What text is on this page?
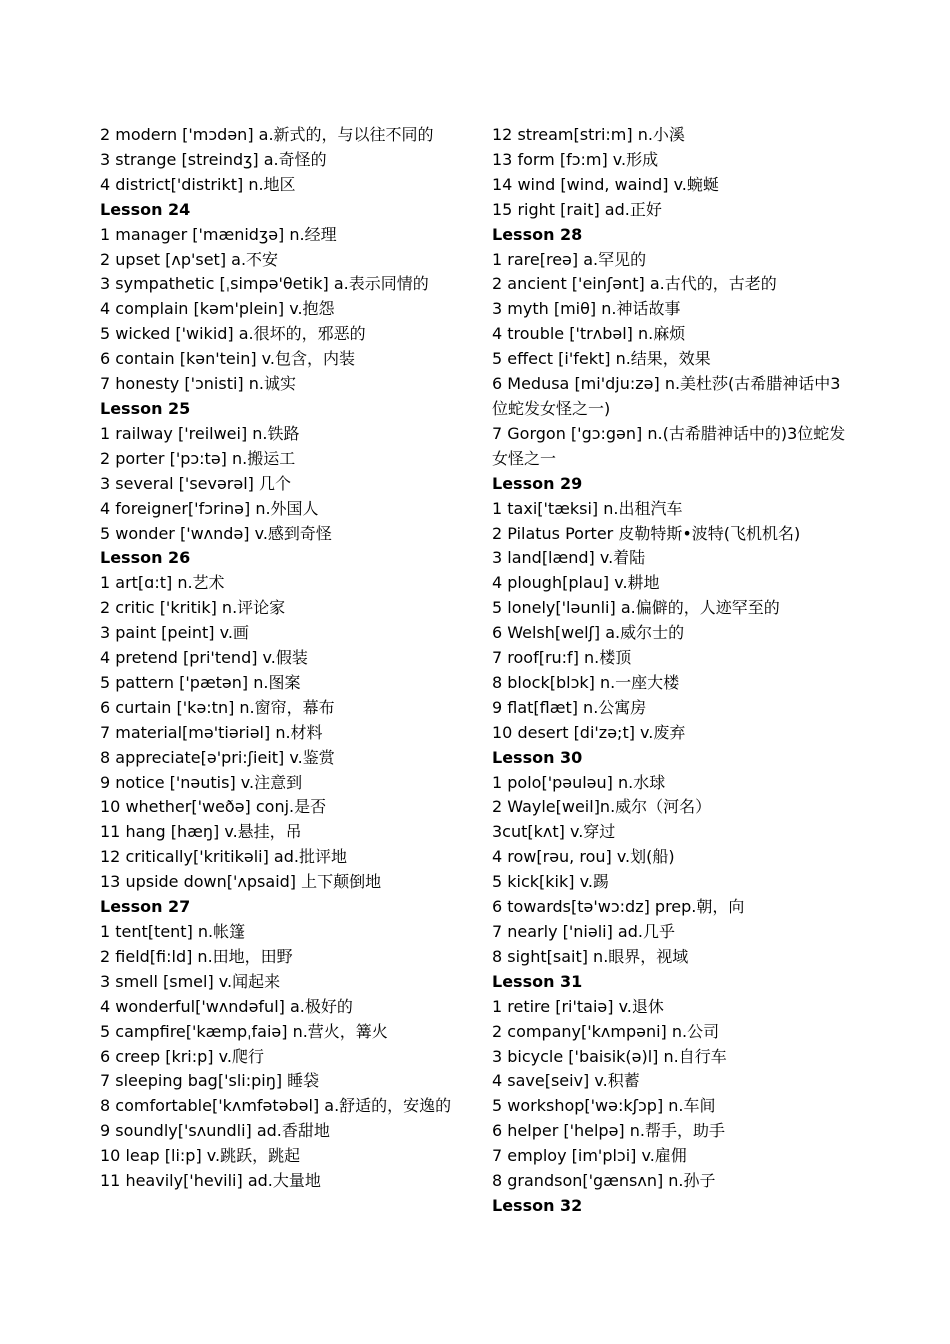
2 modern ['mɔdən] a.新式的，与以往不同的
3 strange [streindʒ] a.奇怪的
4 district['distrikt] n.地区
Lesson 24
1 manager ['mænidʒə] n.经理
2 upset [ʌp'set] a.不安
3 sympathetic [ˌsimpə'θetik] a.表示同情的
4 complain [kəm'plein] v.抱怨
5 wicked ['wikid] a.很坏的，邪恶的
6 contain [kən'tein] v.包含，内装
7 honesty ['ɔnisti] n.诚实
Lesson 25
1 railway ['reilwei] n.铁路
2 porter ['pɔ:tə] n.搬运工
3 several ['sevərəl] 几个
4 foreigner['fɔrinə] n.外国人
5 wonder ['wʌndə] v.感到奇怪
Lesson 26
1 art[ɑ:t] n.艺术
2 critic ['kritik] n.评论家
3 paint [peint] v.画
4 pretend [pri'tend] v.假装
5 pattern ['pætən] n.图案
6 curtain ['kə:tn] n.窗帘，幕布
7 material[mə'tiəriəl] n.材料
8 appreciate[ə'pri:ʃieit] v.鉴赏
9 notice ['nəutis] v.注意到
10 whether['weðə] conj.是否
11 hang [hæŋ] v.悬挂，吊
12 critically['kritikəli] ad.批评地
13 upside down['ʌpsaid] 上下颠倒地
Lesson 27
1 tent[tent] n.帐篷
2 field[fi:ld] n.田地，田野
3 smell [smel] v.闻起来
4 wonderful['wʌndəful] a.极好的
5 campfire['kæmpˌfaiə] n.营火，篝火
6 creep [kri:p] v.爬行
7 sleeping bag['sli:piŋ] 睡袋
8 comfortable['kʌmfətəbəl] a.舒适的，安逸的
9 soundly['sʌundli] ad.香甜地
10 leap [li:p] v.跳跃，跳起
11 heavily['hevili] ad.大量地
12 stream[stri:m] n.小溪
13 form [fɔ:m] v.形成
14 wind [wind, waind] v.蜿蜒
15 right [rait] ad.正好
Lesson 28
1 rare[reə] a.罕见的
2 ancient ['einʃənt] a.古代的，古老的
3 myth [miθ] n.神话故事
4 trouble ['trʌbəl] n.麻烦
5 effect [i'fekt] n.结果，效果
6 Medusa [mi'dju:zə] n.美杜莎(古希腊神话中3位蛇发女怪之一)
7 Gorgon ['gɔ:gən] n.(古希腊神话中的)3位蛇发女怪之一
Lesson 29
1 taxi['tæksi] n.出租汽车
2 Pilatus Porter 皮勒特斯•波特(飞机机名)
3 land[lænd] v.着陆
4 plough[plau] v.耕地
5 lonely['ləunli] a.偏僻的，人迹罕至的
6 Welsh[welʃ] a.威尔士的
7 roof[ru:f] n.楼顶
8 block[blɔk] n.一座大楼
9 flat[flæt] n.公寓房
10 desert [di'zə;t] v.废弃
Lesson 30
1 polo['pəuləu] n.水球
2 Wayle[weil]n.威尔（河名）
3cut[kʌt] v.穿过
4 row[rəu, rou] v.划(船)
5 kick[kik] v.踢
6 towards[tə'wɔ:dz] prep.朝，向
7 nearly ['niəli] ad.几乎
8 sight[sait] n.眼界，视域
Lesson 31
1 retire [ri'taiə] v.退休
2 company['kʌmpəni] n.公司
3 bicycle ['baisik(ə)l] n.自行车
4 save[seiv] v.积蓄
5 workshop['wə:kʃɔp] n.车间
6 helper ['helpə] n.帮手，助手
7 employ [im'plɔi] v.雇佣
8 grandson['gænsʌn] n.孙子
Lesson 32
